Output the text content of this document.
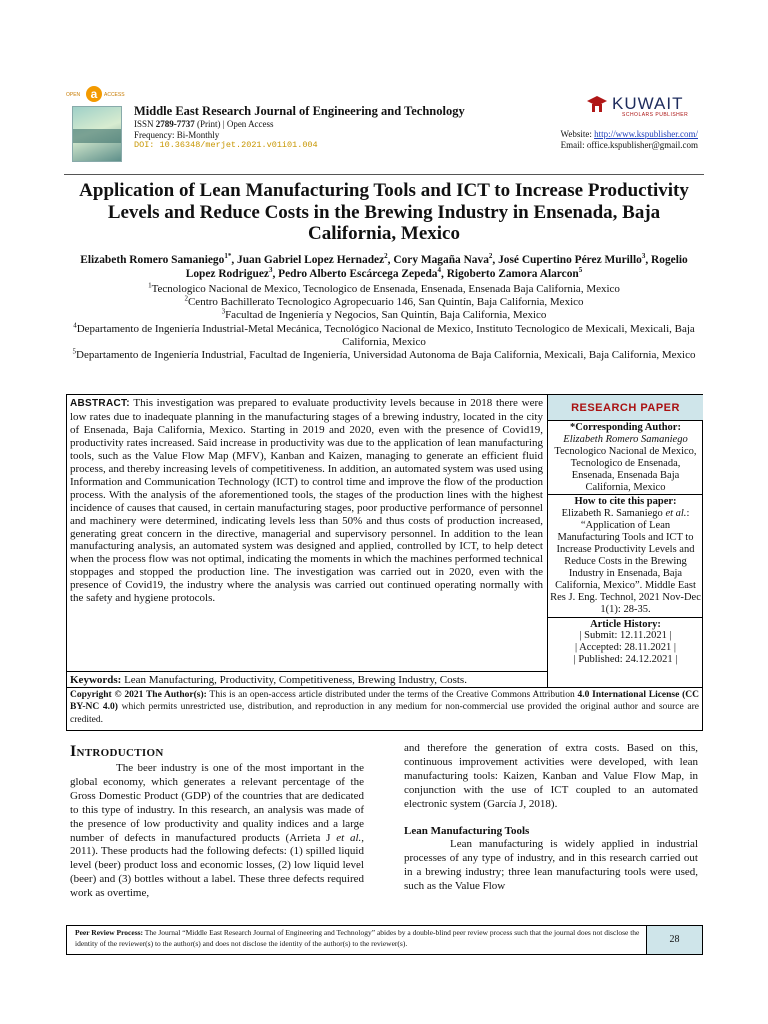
OPEN a	ACCESS
Middle East Research Journal of Engineering and Technology
ISSN 2789-7737 (Print) | Open Access
Frequency: Bi-Monthly
DOI: 10.36348/merjet.2021.v01i01.004
KUWAIT
SCHOLARS PUBLISHER
Website: http://www.kspublisher.com/
Email: office.kspublisher@gmail.com
Application of Lean Manufacturing Tools and ICT to Increase Productivity Levels and Reduce Costs in the Brewing Industry in Ensenada, Baja California, Mexico
Elizabeth Romero Samaniego$^{1*}$, Juan Gabriel Lopez Hernadez$^2$, Cory Magaña Nava$^2$, José Cupertino Pérez Murillo$^3$, Rogelio Lopez Rodriguez$^3$, Pedro Alberto Escárcega Zepeda$^4$, Rigoberto Zamora Alarcon$^5$
$^1$Tecnologico Nacional de Mexico, Tecnologico de Ensenada, Ensenada, Ensenada Baja California, Mexico
$^2$Centro Bachillerato Tecnologico Agropecuario 146, San Quintín, Baja California, Mexico
$^3$Facultad de Ingeniería y Negocios, San Quintín, Baja California, Mexico
$^4$Departamento de Ingeniería Industrial-Metal Mecánica, Tecnológico Nacional de Mexico, Instituto Tecnologico de Mexicali, Mexicali, Baja California, Mexico
$^5$Departamento de Ingeniería Industrial, Facultad de Ingeniería, Universidad Autonoma de Baja California, Mexicali, Baja California, Mexico
ABSTRACT: This investigation was prepared to evaluate productivity levels because in 2018 there were low rates due to inadequate planning in the manufacturing stages of a brewing industry, located in the city of Ensenada, Baja California, Mexico. Starting in 2019 and 2020, even with the presence of Covid19, productivity rates increased. Said increase in productivity was due to the application of lean manufacturing tools, such as the Value Flow Map (MFV), Kanban and Kaizen, managing to generate an efficient fluid process, and thereby increasing levels of competitiveness. In addition, an automated system was used using Information and Communication Technology (ICT) to control time and improve the flow of the production process. With the analysis of the aforementioned tools, the stages of the production lines with the highest incidence of causes that caused, in certain manufacturing stages, poor productive performance of personnel and machinery were determined, indicating levels less than 50% and thus costs of production increased, generating great concern in the directive, managerial and supervisory personnel. In addition to the lean manufacturing analysis, an automated system was designed and applied, controlled by ICT, to help detect when the process flow was not optimal, indicating the moments in which the machines performed technical stoppages and stopped the production line. The investigation was carried out in 2020, even with the presence of Covid19, the industry where the analysis was carried out continued operating normally with the safety and hygiene protocols.
Keywords: Lean Manufacturing, Productivity, Competitiveness, Brewing Industry, Costs.
RESEARCH PAPER
*Corresponding Author:
Elizabeth Romero Samaniego
Tecnologico Nacional de Mexico, Tecnologico de Ensenada, Ensenada, Ensenada Baja California, Mexico
How to cite this paper:
Elizabeth R. Samaniego et al.: “Application of Lean Manufacturing Tools and ICT to Increase Productivity Levels and Reduce Costs in the Brewing Industry in Ensenada, Baja California, Mexico”. Middle East Res J. Eng. Technol, 2021 Nov-Dec 1(1): 28-35.
Article History:
| Submit: 12.11.2021 |
| Accepted: 28.11.2021 |
| Published: 24.12.2021 |
Copyright © 2021 The Author(s): This is an open-access article distributed under the terms of the Creative Commons Attribution 4.0 International License (CC BY-NC 4.0) which permits unrestricted use, distribution, and reproduction in any medium for non-commercial use provided the original author and source are credited.
Introduction

The beer industry is one of the most important in the global economy, which generates a relevant percentage of the Gross Domestic Product (GDP) of the countries that are dedicated to this type of industry. In this research, an analysis was made of the presence of low productivity and quality indices and a large number of defects in manufactured products (Arrieta J et al., 2011). These products had the following defects: (1) spilled liquid level (beer) product loss and economic losses, (2) low liquid level (beer) and (3) bottles without a label. These three defects required work as overtime,

and therefore the generation of extra costs. Based on this, continuous improvement activities were developed, with lean manufacturing tools: Kaizen, Kanban and Value Flow Map, in conjunction with the use of ICT coupled to an automated electronic system (García J, 2018).

Lean Manufacturing Tools

Lean manufacturing is widely applied in industrial processes of any type of industry, and in this research carried out in a brewing industry; three lean manufacturing tools were used, such as the Value Flow

Peer Review Process: The Journal “Middle East Research Journal of Engineering and Technology” abides by a double-blind peer review process such that the journal does not disclose the identity of the reviewer(s) to the author(s) and does not disclose the identity of the author(s) to the reviewer(s).	28
